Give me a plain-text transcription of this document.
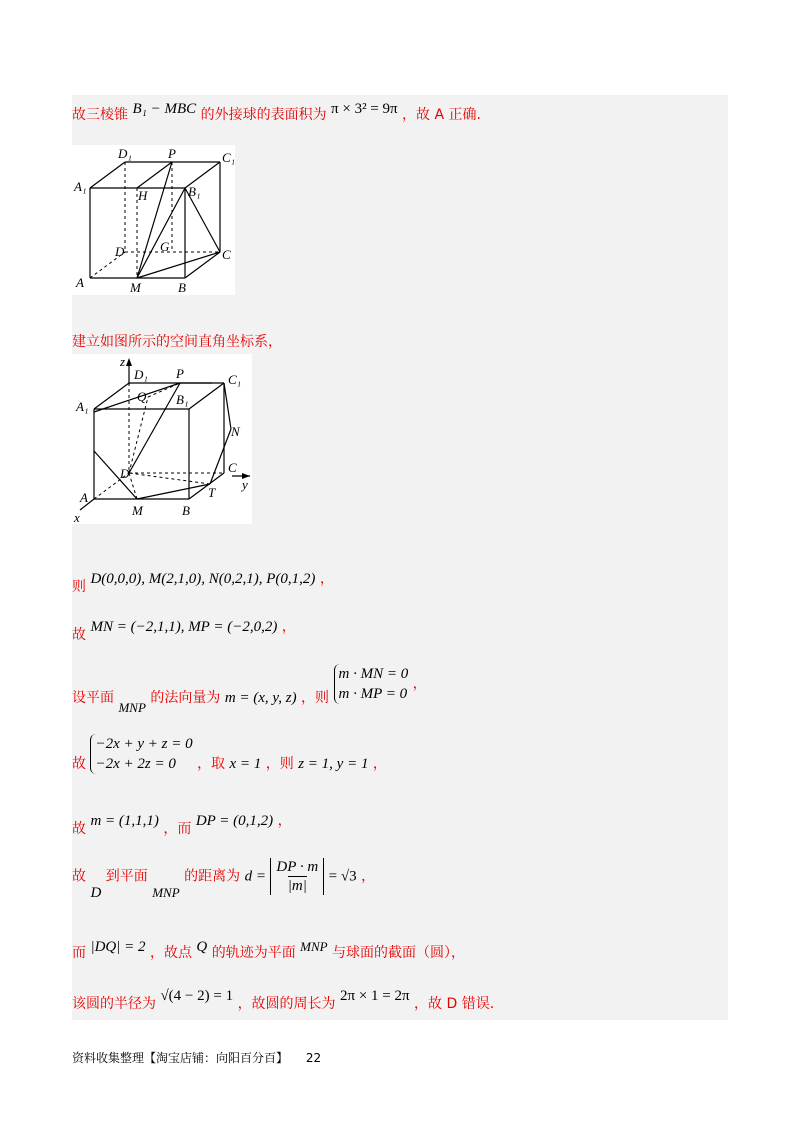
故三棱锥 B₁ − MBC 的外接球的表面积为 π × 3² = 9π ，故 A 正确.
D₁	P	C₁
A₁
H	B₁
D	G
C
A	M	B
建立如图所示的空间直角坐标系，
z
D₁ P	C₁
A₁
Q B₁
N
D	C
y
A	T
x	M	B
则 D(0,0,0), M(2,1,0), N(0,2,1), P(0,1,2) ，
故 MN = (−2,1,1), MP = (−2,0,2) ，
设平面 MNP 的法向量为 m = (x, y, z) ，则 m · MN = 0
m · MP = 0 ，
故 −2x + y + z = 0
−2x + 2z = 0 ，取 x = 1 ，则 z = 1, y = 1 ，
故 m = (1,1,1) ，而 DP = (0,1,2) ，
故 D 到平面 MNP 的距离为 $d = \frac{DP \cdot m}{|m|} = √3$ ，
而 |DQ| = 2 ，故点 Q 的轨迹为平面 MNP 与球面的截面（圆），
该圆的半径为 √(4 − 2) = 1 ，故圆的周长为 2π × 1 = 2π ，故 D 错误.
资料收集整理【淘宝店铺：向阳百分百】 22
